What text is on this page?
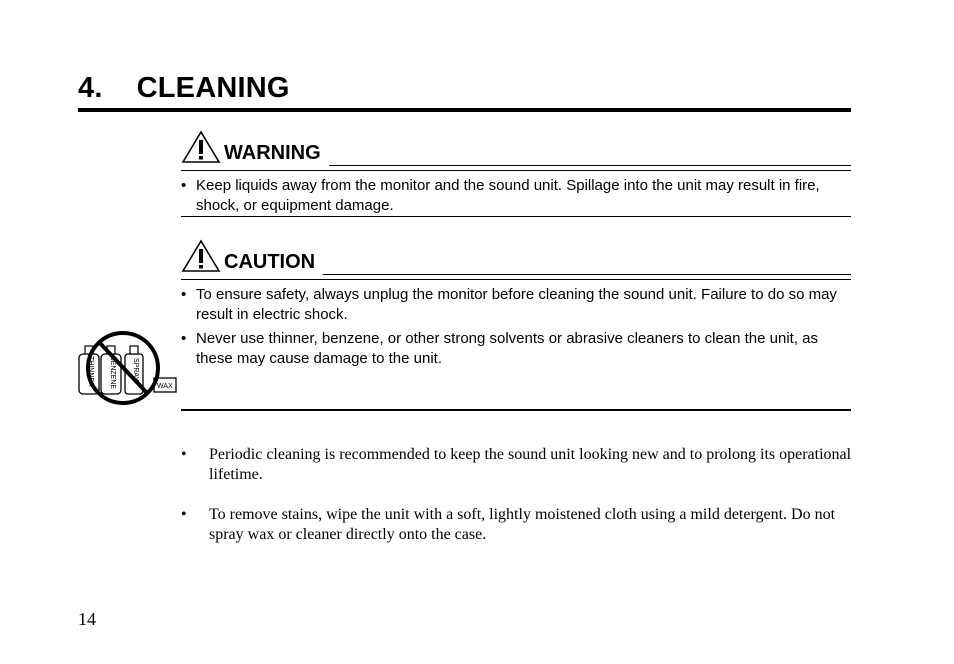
4. CLEANING
WARNING
• Keep liquids away from the monitor and the sound unit. Spillage into the unit may result in fire, shock, or equipment damage.
CAUTION
• To ensure safety, always unplug the monitor before cleaning the sound unit. Failure to do so may result in electric shock.
• Never use thinner, benzene, or other strong solvents or abrasive cleaners to clean the unit, as these may cause damage to the unit.
THINNER BENZENE SPRAY
WAX
• Periodic cleaning is recommended to keep the sound unit looking new and to prolong its operational lifetime.
• To remove stains, wipe the unit with a soft, lightly moistened cloth using a mild detergent. Do not spray wax or cleaner directly onto the case.
14
